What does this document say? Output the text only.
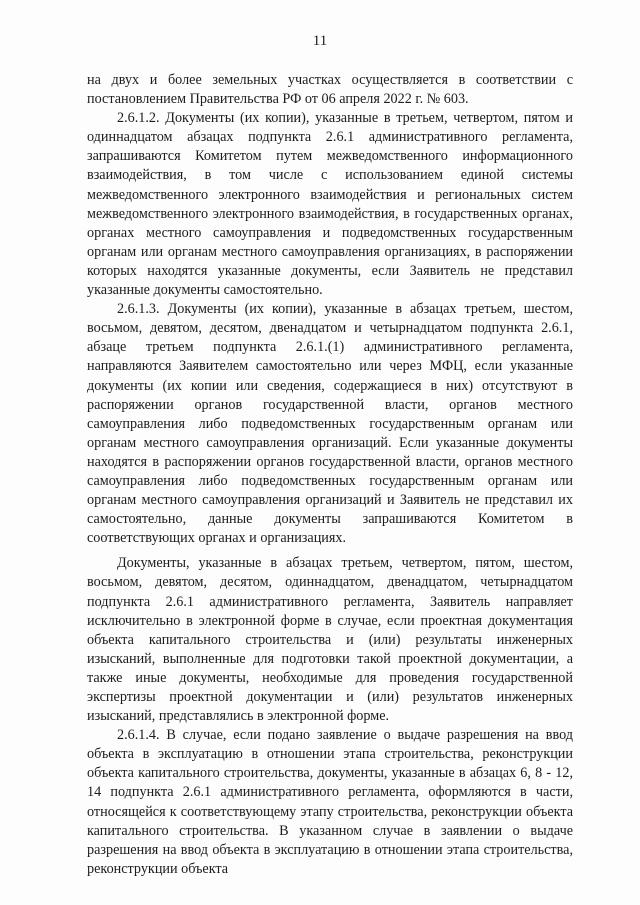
11

на двух и более земельных участках осуществляется в соответствии с постановлением Правительства РФ от 06 апреля 2022 г. № 603.

2.6.1.2. Документы (их копии), указанные в третьем, четвертом, пятом и одиннадцатом абзацах подпункта 2.6.1 административного регламента, запрашиваются Комитетом путем межведомственного информационного взаимодействия, в том числе с использованием единой системы межведомственного электронного взаимодействия и региональных систем межведомственного электронного взаимодействия, в государственных органах, органах местного самоуправления и подведомственных государственным органам или органам местного самоуправления организациях, в распоряжении которых находятся указанные документы, если Заявитель не представил указанные документы самостоятельно.

2.6.1.3. Документы (их копии), указанные в абзацах третьем, шестом, восьмом, девятом, десятом, двенадцатом и четырнадцатом подпункта 2.6.1, абзаце третьем подпункта 2.6.1.(1) административного регламента, направляются Заявителем самостоятельно или через МФЦ, если указанные документы (их копии или сведения, содержащиеся в них) отсутствуют в распоряжении органов государственной власти, органов местного самоуправления либо подведомственных государственным органам или органам местного самоуправления организаций. Если указанные документы находятся в распоряжении органов государственной власти, органов местного самоуправления либо подведомственных государственным органам или органам местного самоуправления организаций и Заявитель не представил их самостоятельно, данные документы запрашиваются Комитетом в соответствующих органах и организациях.

Документы, указанные в абзацах третьем, четвертом, пятом, шестом, восьмом, девятом, десятом, одиннадцатом, двенадцатом, четырнадцатом подпункта 2.6.1 административного регламента, Заявитель направляет исключительно в электронной форме в случае, если проектная документация объекта капитального строительства и (или) результаты инженерных изысканий, выполненные для подготовки такой проектной документации, а также иные документы, необходимые для проведения государственной экспертизы проектной документации и (или) результатов инженерных изысканий, представлялись в электронной форме.

2.6.1.4. В случае, если подано заявление о выдаче разрешения на ввод объекта в эксплуатацию в отношении этапа строительства, реконструкции объекта капитального строительства, документы, указанные в абзацах 6, 8 - 12, 14 подпункта 2.6.1 административного регламента, оформляются в части, относящейся к соответствующему этапу строительства, реконструкции объекта капитального строительства. В указанном случае в заявлении о выдаче разрешения на ввод объекта в эксплуатацию в отношении этапа строительства, реконструкции объекта
